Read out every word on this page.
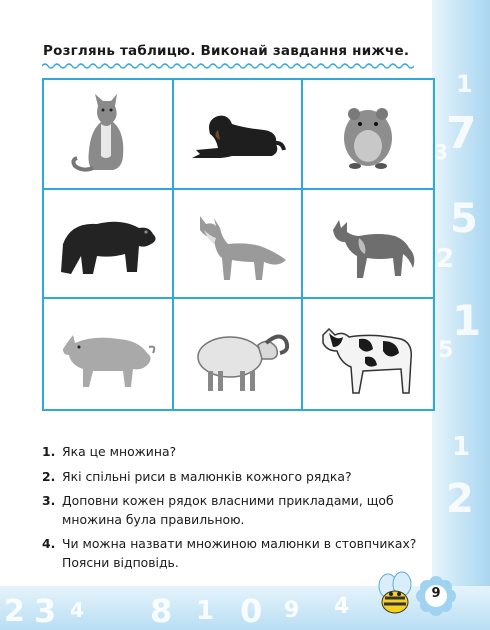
1
7
3
5
2
1
5
1
2
2 3 4 8 1 0 9 4
Розглянь таблицю. Виконай завдання нижче.
1. Яка це множина?
2. Які спільні риси в малюнків кожного рядка?
3. Доповни кожен рядок власними прикладами, щоб множина була правильною.
4. Чи можна назвати множиною малюнки в стовпчиках? Поясни відповідь.
9
